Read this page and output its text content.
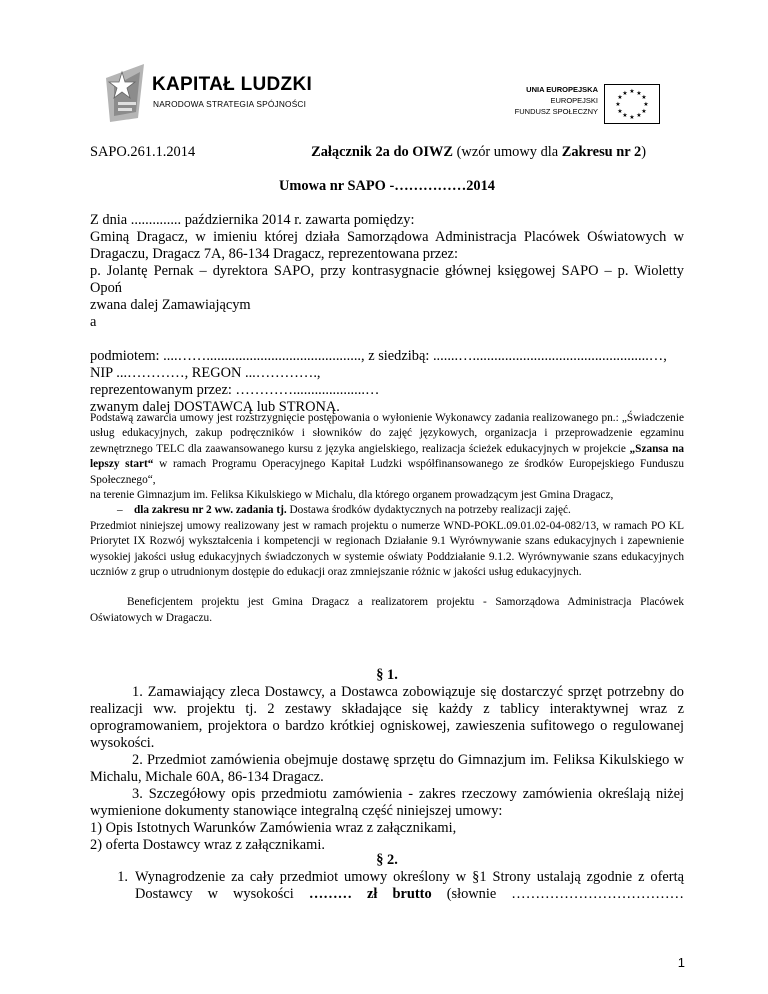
KAPITAŁ LUDZKI
NARODOWA STRATEGIA SPÓJNOŚCI
UNIA EUROPEJSKA
EUROPEJSKI
FUNDUSZ SPOŁECZNY
★ ★
★
★
★
★
★
★
★
★
★
★
SAPO.261.1.2014	Załącznik 2a do OIWZ (wzór umowy dla Zakresu nr 2)
Umowa nr SAPO -……………2014

Z dnia .............. października 2014 r. zawarta pomiędzy:

Gminą Dragacz, w imieniu której działa Samorządowa Administracja Placówek Oświatowych w Dragaczu, Dragacz 7A, 86-134 Dragacz, reprezentowana przez:

p. Jolantę Pernak – dyrektora SAPO, przy kontrasygnacie głównej księgowej SAPO – p. Wioletty Opoń

zwana dalej Zamawiającym

a

podmiotem: ....……..........................................., z siedzibą: .......….................................................…,

NIP ...…………, REGON ...………….,

reprezentowanym przez: …………....................…

zwanym dalej DOSTAWCĄ lub STRONĄ.

Podstawą zawarcia umowy jest rozstrzygnięcie postępowania o wyłonienie Wykonawcy zadania realizowanego pn.: „Świadczenie usług edukacyjnych, zakup podręczników i słowników do zajęć językowych, organizacja i przeprowadzenie egzaminu zewnętrznego TELC dla zaawansowanego kursu z języka angielskiego, realizacja ścieżek edukacyjnych w projekcie „Szansa na lepszy start“ w ramach Programu Operacyjnego Kapitał Ludzki współfinansowanego ze środków Europejskiego Funduszu Społecznego“,

na terenie Gimnazjum im. Feliksa Kikulskiego w Michalu, dla którego organem prowadzącym jest Gmina Dragacz,

– dla zakresu nr 2 ww. zadania tj. Dostawa środków dydaktycznych na potrzeby realizacji zajęć.

Przedmiot niniejszej umowy realizowany jest w ramach projektu o numerze WND-POKL.09.01.02-04-082/13, w ramach PO KL Priorytet IX Rozwój wykształcenia i kompetencji w regionach Działanie 9.1 Wyrównywanie szans edukacyjnych i zapewnienie wysokiej jakości usług edukacyjnych świadczonych w systemie oświaty Poddziałanie 9.1.2. Wyrównywanie szans edukacyjnych uczniów z grup o utrudnionym dostępie do edukacji oraz zmniejszanie różnic w jakości usług edukacyjnych.

Beneficjentem projektu jest Gmina Dragacz a realizatorem projektu - Samorządowa Administracja Placówek Oświatowych w Dragaczu.

§ 1.

1. Zamawiający zleca Dostawcy, a Dostawca zobowiązuje się dostarczyć sprzęt potrzebny do realizacji ww. projektu tj. 2 zestawy składające się każdy z tablicy interaktywnej wraz z oprogramowaniem, projektora o bardzo krótkiej ogniskowej, zawieszenia sufitowego o regulowanej wysokości.

2. Przedmiot zamówienia obejmuje dostawę sprzętu do Gimnazjum im. Feliksa Kikulskiego w Michalu, Michale 60A, 86-134 Dragacz.

3. Szczegółowy opis przedmiotu zamówienia - zakres rzeczowy zamówienia określają niżej wymienione dokumenty stanowiące integralną część niniejszej umowy:

1) Opis Istotnych Warunków Zamówienia wraz z załącznikami,

2) oferta Dostawcy wraz z załącznikami.

§ 2.

1. Wynagrodzenie za cały przedmiot umowy określony w §1 Strony ustalają zgodnie z ofertą

Dostawcy w wysokości ……… zł brutto (słownie ………………………………

1
